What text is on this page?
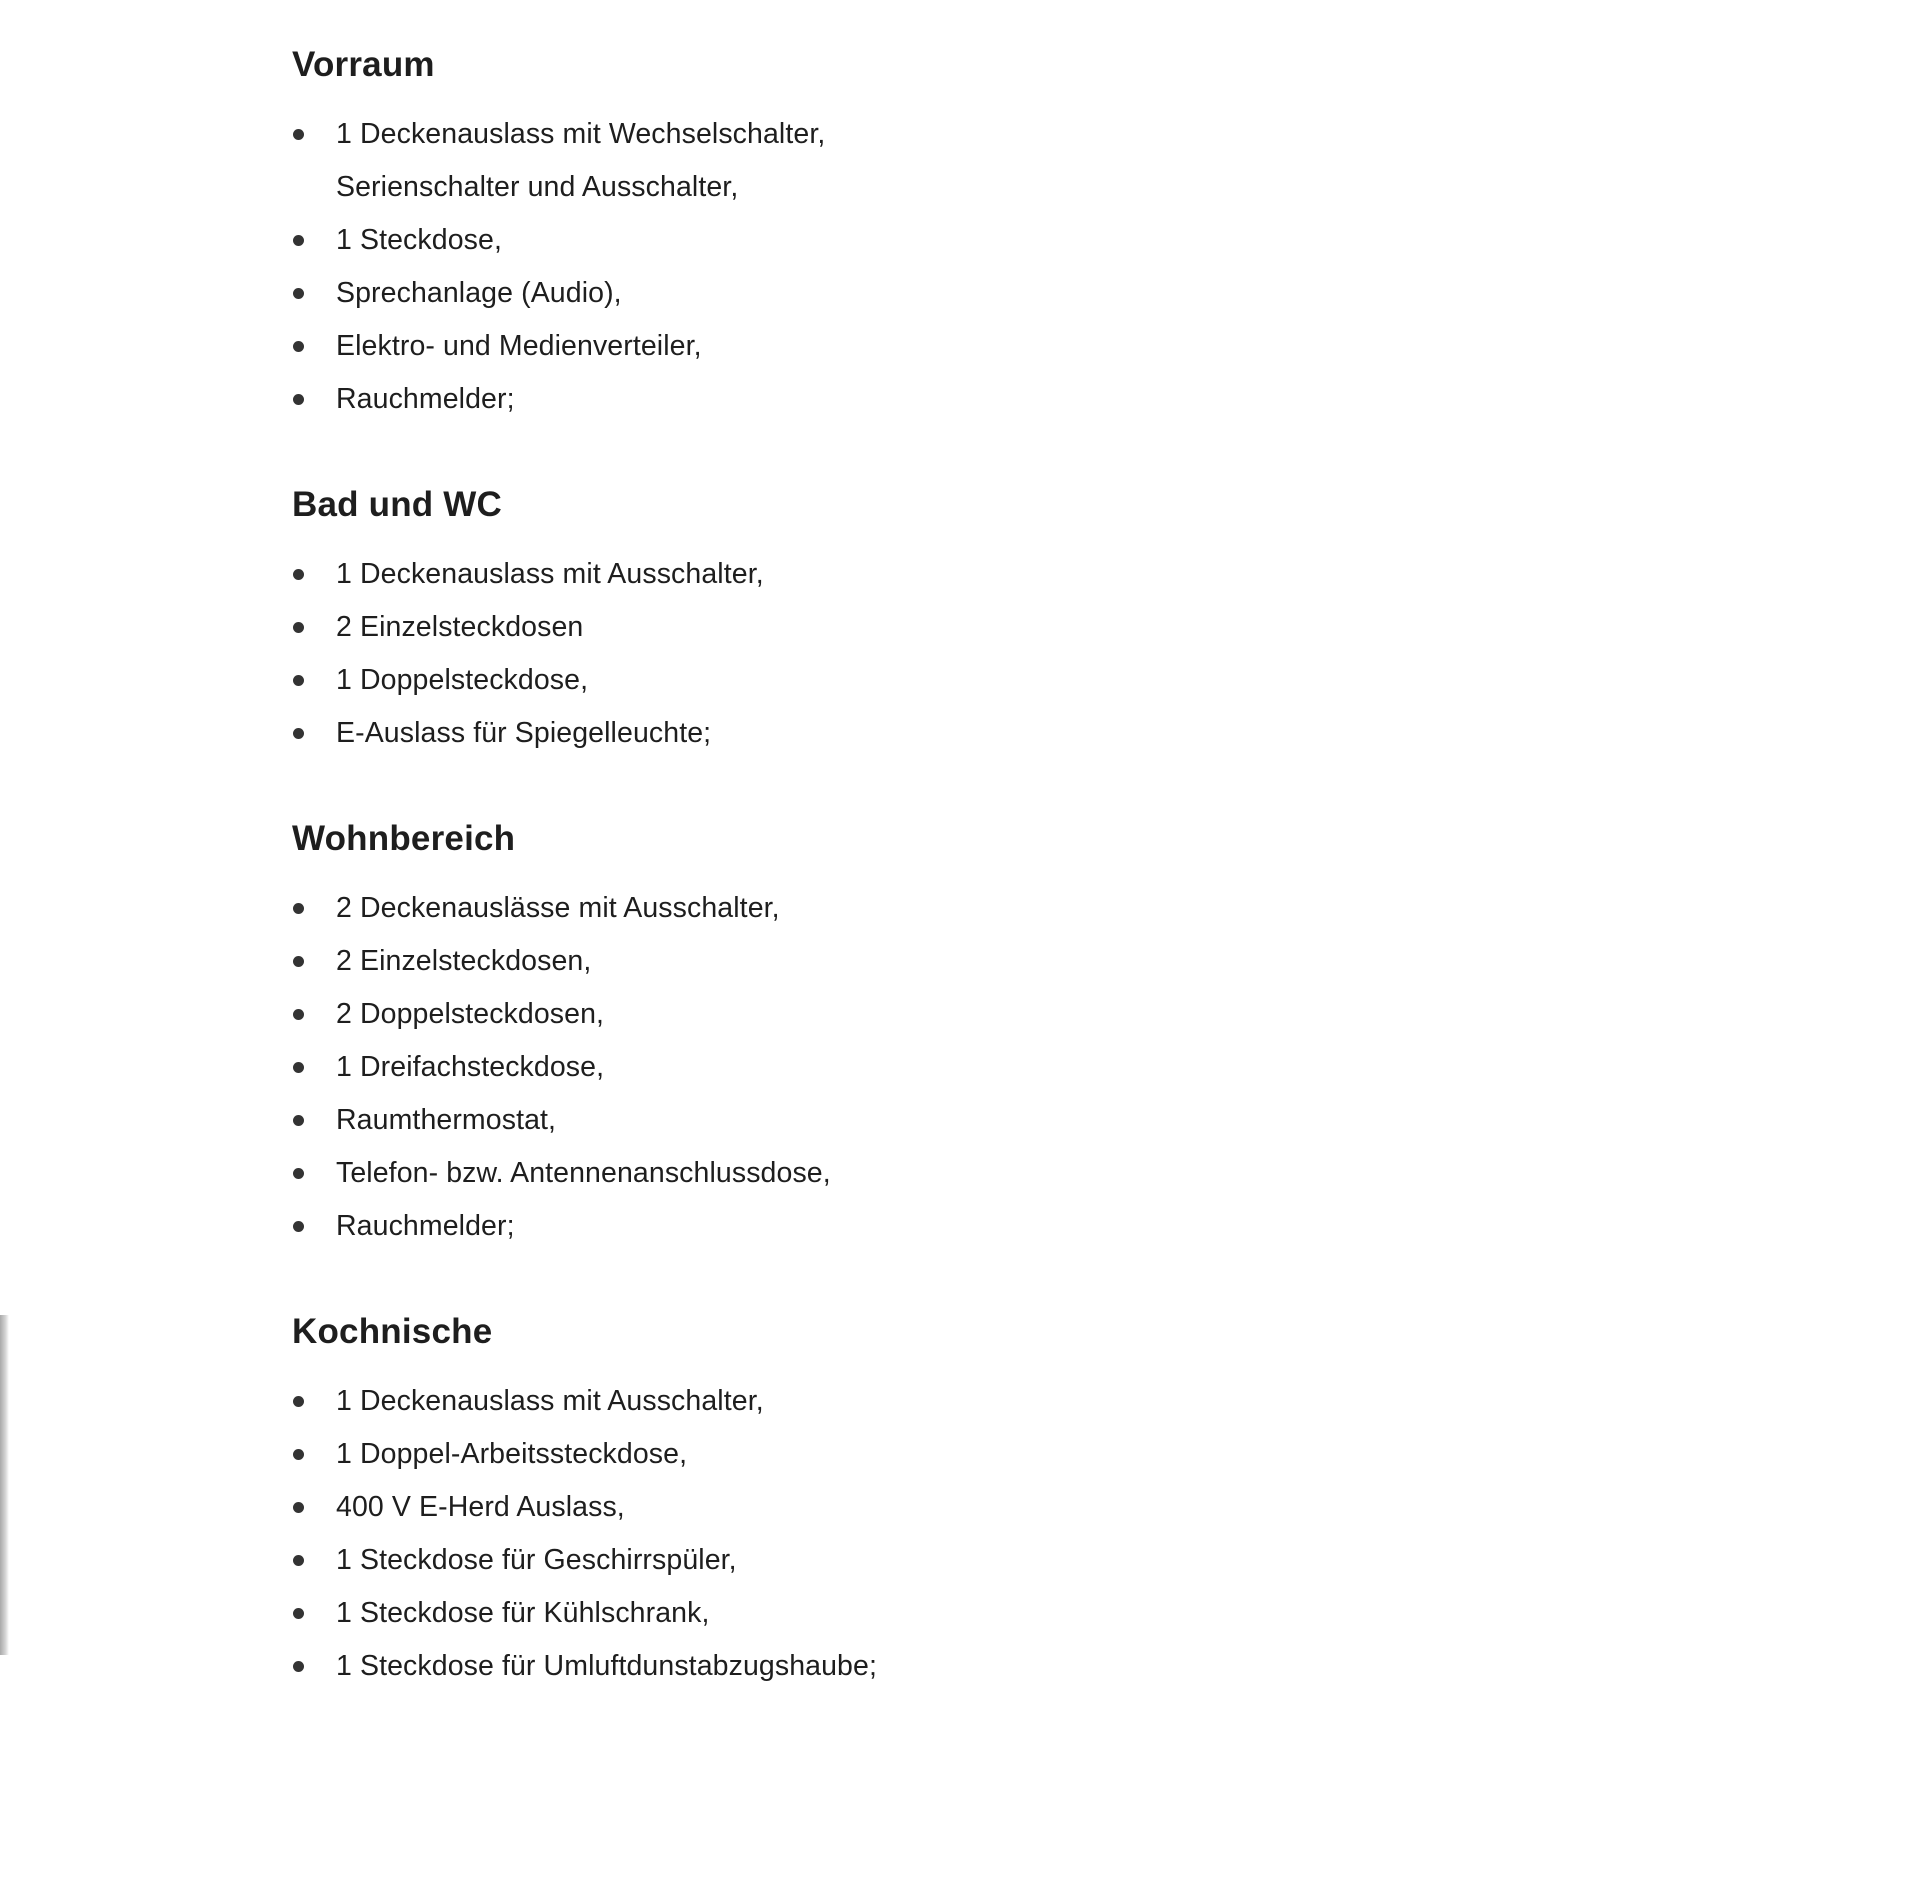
Vorraum
1 Deckenauslass mit Wechselschalter,
Serienschalter und Ausschalter,
1 Steckdose,
Sprechanlage (Audio),
Elektro- und Medienverteiler,
Rauchmelder;
Bad und WC
1 Deckenauslass mit Ausschalter,
2 Einzelsteckdosen
1 Doppelsteckdose,
E-Auslass für Spiegelleuchte;
Wohnbereich
2 Deckenauslässe mit Ausschalter,
2 Einzelsteckdosen,
2 Doppelsteckdosen,
1 Dreifachsteckdose,
Raumthermostat,
Telefon- bzw. Antennenanschlussdose,
Rauchmelder;
Kochnische
1 Deckenauslass mit Ausschalter,
1 Doppel-Arbeitssteckdose,
400 V E-Herd Auslass,
1 Steckdose für Geschirrspüler,
1 Steckdose für Kühlschrank,
1 Steckdose für Umluftdunstabzugshaube;
